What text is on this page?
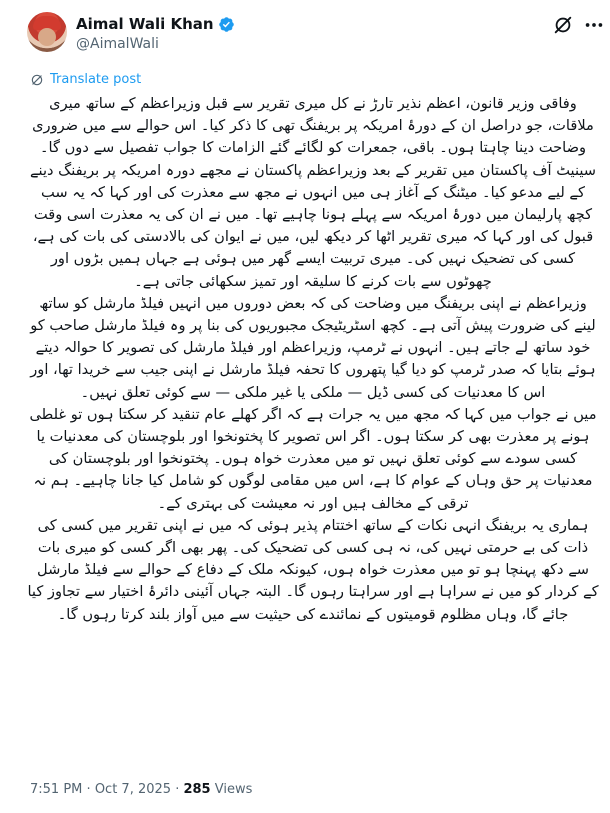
Aimal Wali Khan
@AimalWali
Translate post

وفاقی وزیر قانون، اعظم نذیر تارڑ نے کل میری تقریر سے قبل وزیراعظم کے ساتھ میری ملاقات، جو دراصل ان کے دورۂ امریکہ پر بریفنگ تھی کا ذکر کیا۔ اس حوالے سے میں ضروری وضاحت دینا چاہتا ہوں۔ باقی، جمعرات کو لگائے گئے الزامات کا جواب تفصیل سے دوں گا۔

سینیٹ آف پاکستان میں تقریر کے بعد وزیراعظم پاکستان نے مجھے دورہ امریکہ پر بریفنگ دینے کے لیے مدعو کیا۔ میٹنگ کے آغاز ہی میں انہوں نے مجھ سے معذرت کی اور کہا کہ یہ سب کچھ پارلیمان میں دورۂ امریکہ سے پہلے ہونا چاہیے تھا۔ میں نے ان کی یہ معذرت اسی وقت قبول کی اور کہا کہ میری تقریر اٹھا کر دیکھ لیں، میں نے ایوان کی بالادستی کی بات کی ہے، کسی کی تضحیک نہیں کی۔ میری تربیت ایسے گھر میں ہوئی ہے جہاں ہمیں بڑوں اور چھوٹوں سے بات کرنے کا سلیقہ اور تمیز سکھائی جاتی ہے۔

وزیراعظم نے اپنی بریفنگ میں وضاحت کی کہ بعض دوروں میں انہیں فیلڈ مارشل کو ساتھ لینے کی ضرورت پیش آتی ہے۔ کچھ اسٹریٹیجک مجبوریوں کی بنا پر وہ فیلڈ مارشل صاحب کو خود ساتھ لے جاتے ہیں۔ انہوں نے ٹرمپ، وزیراعظم اور فیلڈ مارشل کی تصویر کا حوالہ دیتے ہوئے بتایا کہ صدر ٹرمپ کو دیا گیا پتھروں کا تحفہ فیلڈ مارشل نے اپنی جیب سے خریدا تھا، اور اس کا معدنیات کی کسی ڈیل — ملکی یا غیر ملکی — سے کوئی تعلق نہیں۔

میں نے جواب میں کہا کہ مجھ میں یہ جرات ہے کہ اگر کھلے عام تنقید کر سکتا ہوں تو غلطی ہونے پر معذرت بھی کر سکتا ہوں۔ اگر اس تصویر کا پختونخوا اور بلوچستان کی معدنیات یا کسی سودے سے کوئی تعلق نہیں تو میں معذرت خواہ ہوں۔ پختونخوا اور بلوچستان کی معدنیات پر حق وہاں کے عوام کا ہے، اس میں مقامی لوگوں کو شامل کیا جانا چاہیے۔ ہم نہ ترقی کے مخالف ہیں اور نہ معیشت کی بہتری کے۔

ہماری یہ بریفنگ انہی نکات کے ساتھ اختتام پذیر ہوئی کہ میں نے اپنی تقریر میں کسی کی ذات کی بے حرمتی نہیں کی، نہ ہی کسی کی تضحیک کی۔ پھر بھی اگر کسی کو میری بات سے دکھ پہنچا ہو تو میں معذرت خواہ ہوں، کیونکہ ملک کے دفاع کے حوالے سے فیلڈ مارشل کے کردار کو میں نے سراہا ہے اور سراہتا رہوں گا۔ البتہ جہاں آئینی دائرۂ اختیار سے تجاوز کیا جائے گا، وہاں مظلوم قومیتوں کے نمائندے کی حیثیت سے میں آواز بلند کرتا رہوں گا۔

7:51 PM · Oct 7, 2025 · 285 Views
